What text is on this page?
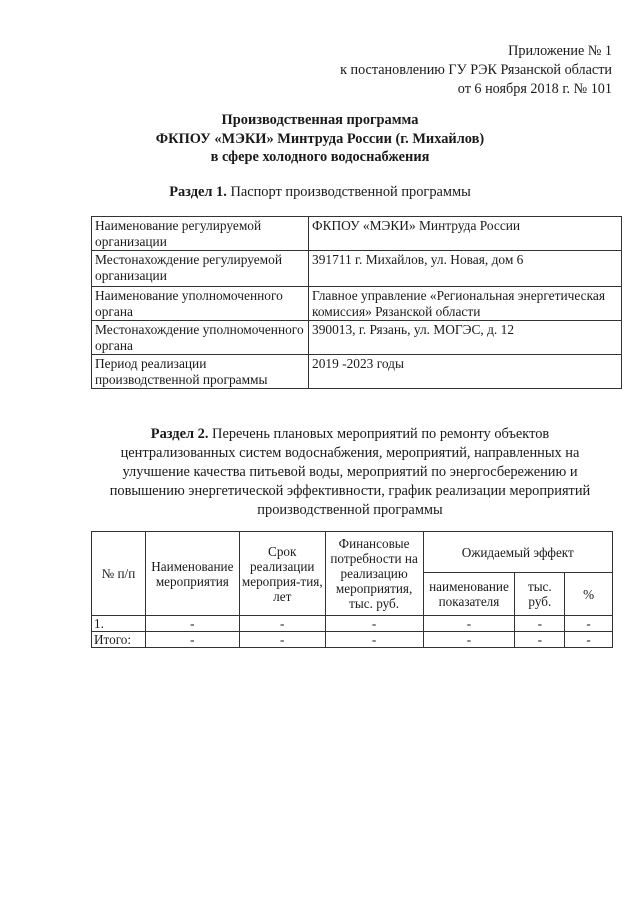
Приложение № 1
к постановлению ГУ РЭК Рязанской области
от 6 ноября 2018 г. № 101
Производственная программа
ФКПОУ «МЭКИ» Минтруда России (г. Михайлов)
в сфере холодного водоснабжения
Раздел 1. Паспорт производственной программы
Наименование регулируемой организации	ФКПОУ «МЭКИ» Минтруда России
Местонахождение регулируемой организации	391711 г. Михайлов, ул. Новая, дом 6
Наименование уполномоченного органа	Главное управление «Региональная энергетическая комиссия» Рязанской области
Местонахождение уполномоченного органа	390013, г. Рязань, ул. МОГЭС, д. 12
Период реализации производственной программы	2019 -2023 годы
Раздел 2. Перечень плановых мероприятий по ремонту объектов централизованных систем водоснабжения, мероприятий, направленных на улучшение качества питьевой воды, мероприятий по энергосбережению и повышению энергетической эффективности, график реализации мероприятий производственной программы
№ п/п	Наименование мероприятия	Срок реализации мероприя-тия, лет	Финансовые потребности на реализацию мероприятия, тыс. руб.	Ожидаемый эффект		
				наименование показателя	тыс. руб.	%
1.	-	-	-	-	-	-
Итого:	-	-	-	-	-	-
